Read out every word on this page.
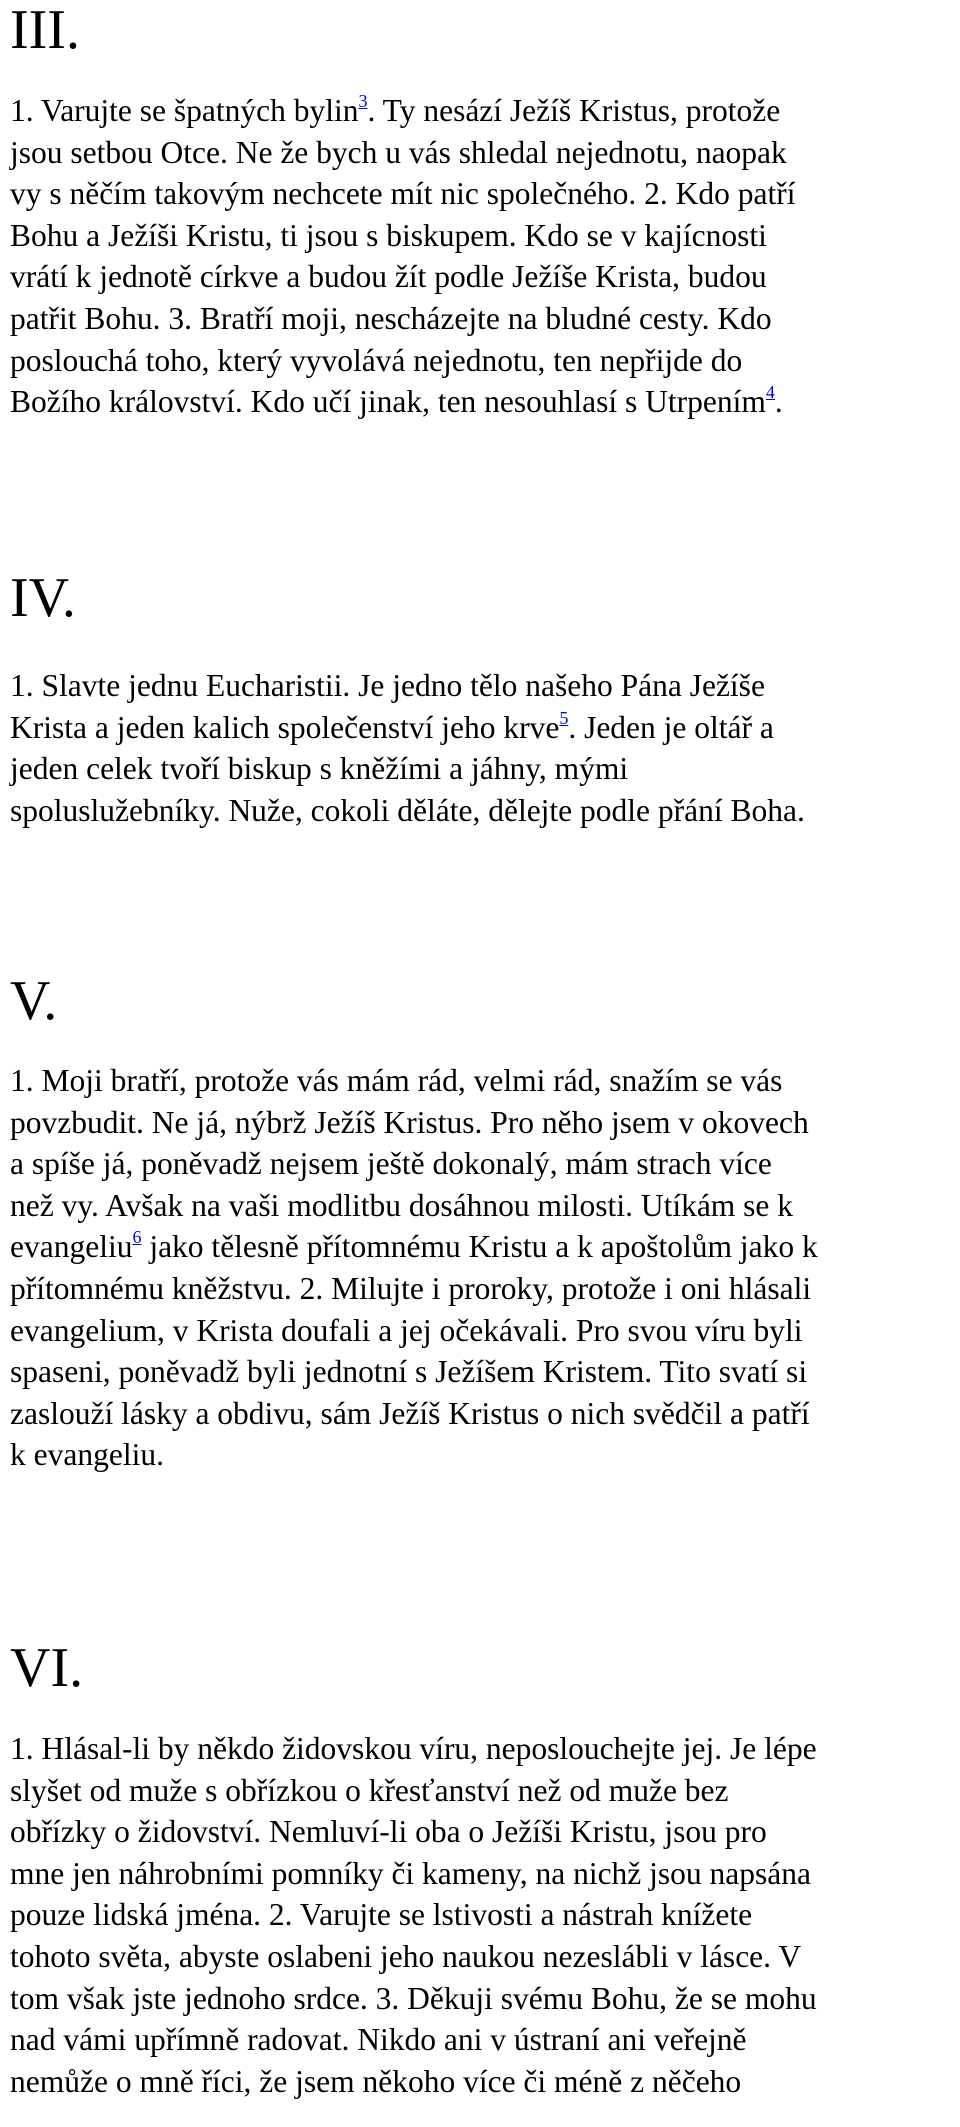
III.

1. Varujte se špatných bylin$^3$. Ty nesází Ježíš Kristus, protože
jsou setbou Otce. Ne že bych u vás shledal nejednotu, naopak
vy s něčím takovým nechcete mít nic společného. 2. Kdo patří
Bohu a Ježíši Kristu, ti jsou s biskupem. Kdo se v kajícnosti
vrátí k jednotě církve a budou žít podle Ježíše Krista, budou
patřit Bohu. 3. Bratří moji, nescházejte na bludné cesty. Kdo
poslouchá toho, který vyvolává nejednotu, ten nepřijde do
Božího království. Kdo učí jinak, ten nesouhlasí s Utrpením$^4$.

IV.

1. Slavte jednu Eucharistii. Je jedno tělo našeho Pána Ježíše
Krista a jeden kalich společenství jeho krve$^5$. Jeden je oltář a
jeden celek tvoří biskup s kněžími a jáhny, mými
spoluslužebníky. Nuže, cokoli děláte, dělejte podle přání Boha.

V.

1. Moji bratří, protože vás mám rád, velmi rád, snažím se vás
povzbudit. Ne já, nýbrž Ježíš Kristus. Pro něho jsem v okovech
a spíše já, poněvadž nejsem ještě dokonalý, mám strach více
než vy. Avšak na vaši modlitbu dosáhnou milosti. Utíkám se k
evangeliu$^6$ jako tělesně přítomnému Kristu a k apoštolům jako k
přítomnému kněžstvu. 2. Milujte i proroky, protože i oni hlásali
evangelium, v Krista doufali a jej očekávali. Pro svou víru byli
spaseni, poněvadž byli jednotní s Ježíšem Kristem. Tito svatí si
zaslouží lásky a obdivu, sám Ježíš Kristus o nich svědčil a patří
k evangeliu.

VI.

1. Hlásal-li by někdo židovskou víru, neposlouchejte jej. Je lépe
slyšet od muže s obřízkou o křesťanství než od muže bez
obřízky o židovství. Nemluví-li oba o Ježíši Kristu, jsou pro
mne jen náhrobními pomníky či kameny, na nichž jsou napsána
pouze lidská jména. 2. Varujte se lstivosti a nástrah knížete
tohoto světa, abyste oslabeni jeho naukou nezeslábli v lásce. V
tom však jste jednoho srdce. 3. Děkuji svému Bohu, že se mohu
nad vámi upřímně radovat. Nikdo ani v ústraní ani veřejně
nemůže o mně říci, že jsem někoho více či méně z něčeho
